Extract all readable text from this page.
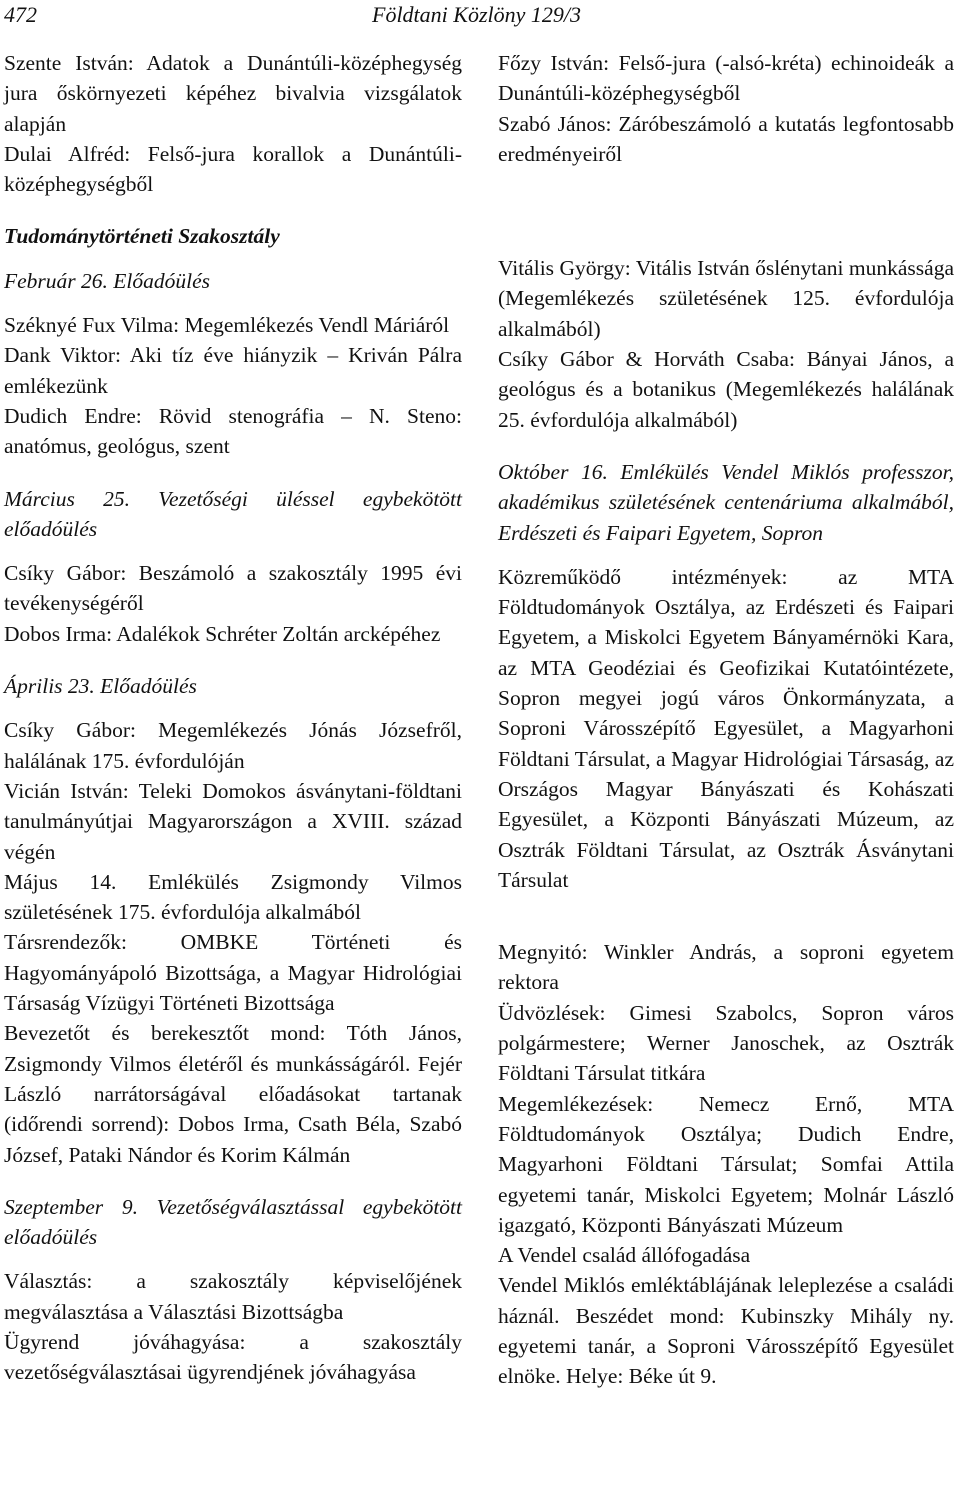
472	Földtani Közlöny 129/3

Szente István: Adatok a Dunántúli-középhegység jura őskörnyezeti képéhez bivalvia vizsgálatok alapján

Dulai Alfréd: Felső-jura korallok a Dunántúli-középhegységből

Tudománytörténeti Szakosztály

Február 26. Előadóülés

Széknyé Fux Vilma: Megemlékezés Vendl Máriáról

Dank Viktor: Aki tíz éve hiányzik – Kriván Pálra emlékezünk

Dudich Endre: Rövid stenográfia – N. Steno: anatómus, geológus, szent

Március 25. Vezetőségi üléssel egybekötött előadóülés

Csíky Gábor: Beszámoló a szakosztály 1995 évi tevékenységéről

Dobos Irma: Adalékok Schréter Zoltán arcképéhez

Április 23. Előadóülés

Csíky Gábor: Megemlékezés Jónás Józsefről, halálának 175. évfordulóján

Vicián István: Teleki Domokos ásványtani-földtani tanulmányútjai Magyarországon a XVIII. század végén

Május 14. Emlékülés Zsigmondy Vilmos születésének 175. évfordulója alkalmából

Társrendezők: OMBKE Történeti és Hagyományápoló Bizottsága, a Magyar Hidrológiai Társaság Vízügyi Történeti Bizottsága

Bevezetőt és berekesztőt mond: Tóth János, Zsigmondy Vilmos életéről és munkásságáról. Fejér László narrátorságával előadásokat tartanak (időrendi sorrend): Dobos Irma, Csath Béla, Szabó József, Pataki Nándor és Korim Kálmán

Szeptember 9. Vezetőségválasztással egybekötött előadóülés

Választás: a szakosztály képviselőjének megválasztása a Választási Bizottságba

Ügyrend jóváhagyása: a szakosztály vezetőségválasztásai ügyrendjének jóváhagyása

Főzy István: Felső-jura (-alsó-kréta) echinoideák a Dunántúli-középhegységből

Szabó János: Záróbeszámoló a kutatás legfontosabb eredményeiről

Vitális György: Vitális István őslénytani munkássága (Megemlékezés születésének 125. évfordulója alkalmából)

Csíky Gábor & Horváth Csaba: Bányai János, a geológus és a botanikus (Megemlékezés halálának 25. évfordulója alkalmából)

Október 16. Emlékülés Vendel Miklós professzor, akadémikus születésének centenáriuma alkalmából, Erdészeti és Faipari Egyetem, Sopron

Közreműködő intézmények: az MTA Földtudományok Osztálya, az Erdészeti és Faipari Egyetem, a Miskolci Egyetem Bányamérnöki Kara, az MTA Geodéziai és Geofizikai Kutatóintézete, Sopron megyei jogú város Önkormányzata, a Soproni Városszépítő Egyesület, a Magyarhoni Földtani Társulat, a Magyar Hidrológiai Társaság, az Országos Magyar Bányászati és Kohászati Egyesület, a Központi Bányászati Múzeum, az Osztrák Földtani Társulat, az Osztrák Ásványtani Társulat

Megnyitó: Winkler András, a soproni egyetem rektora

Üdvözlések: Gimesi Szabolcs, Sopron város polgármestere; Werner Janoschek, az Osztrák Földtani Társulat titkára

Megemlékezések: Nemecz Ernő, MTA Földtudományok Osztálya; Dudich Endre, Magyarhoni Földtani Társulat; Somfai Attila egyetemi tanár, Miskolci Egyetem; Molnár László igazgató, Központi Bányászati Múzeum

A Vendel család állófogadása

Vendel Miklós emléktáblájának leleplezése a családi háznál. Beszédet mond: Kubinszky Mihály ny. egyetemi tanár, a Soproni Városszépítő Egyesület elnöke. Helye: Béke út 9.
